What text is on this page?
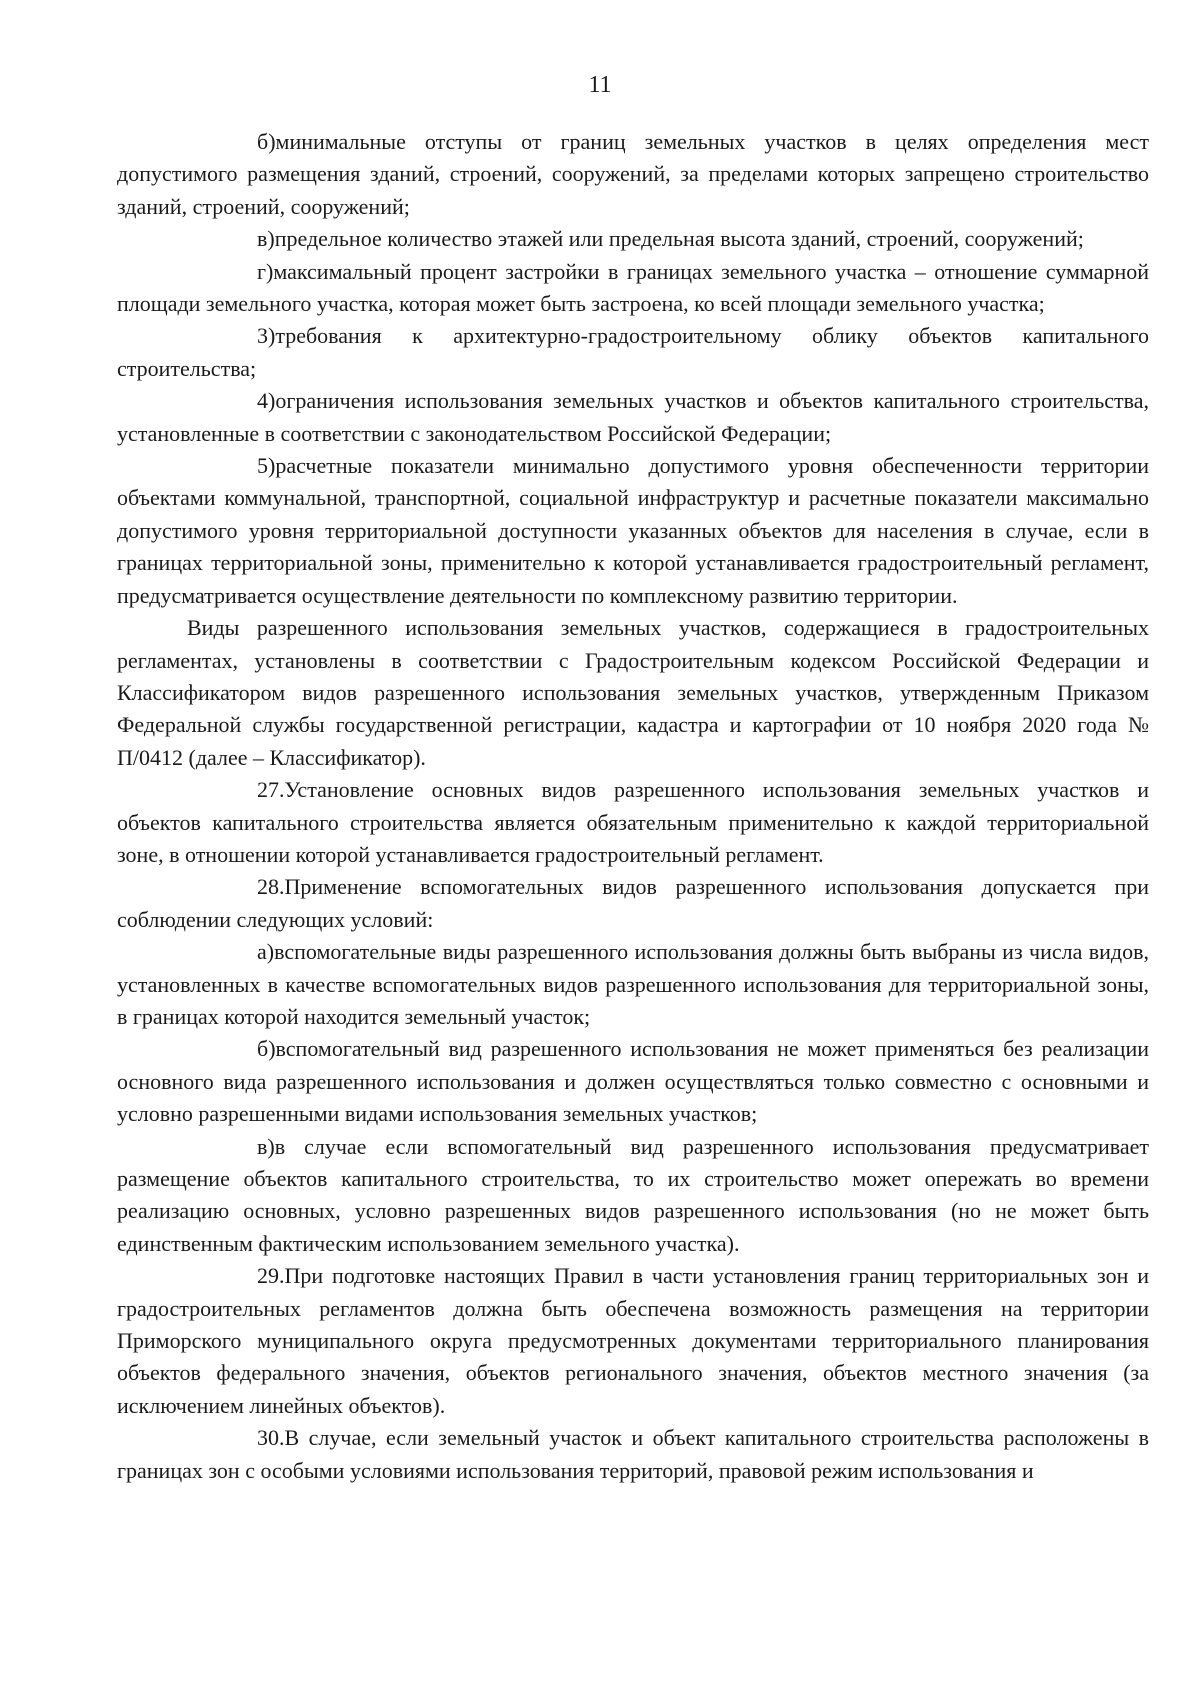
11

б)минимальные отступы от границ земельных участков в целях определения мест допустимого размещения зданий, строений, сооружений, за пределами которых запрещено строительство зданий, строений, сооружений;

в)предельное количество этажей или предельная высота зданий, строений, сооружений;

г)максимальный процент застройки в границах земельного участка – отношение суммарной площади земельного участка, которая может быть застроена, ко всей площади земельного участка;

3)требования к архитектурно-градостроительному облику объектов капитального строительства;

4)ограничения использования земельных участков и объектов капитального строительства, установленные в соответствии с законодательством Российской Федерации;

5)расчетные показатели минимально допустимого уровня обеспеченности территории объектами коммунальной, транспортной, социальной инфраструктур и расчетные показатели максимально допустимого уровня территориальной доступности указанных объектов для населения в случае, если в границах территориальной зоны, применительно к которой устанавливается градостроительный регламент, предусматривается осуществление деятельности по комплексному развитию территории.

Виды разрешенного использования земельных участков, содержащиеся в градостроительных регламентах, установлены в соответствии с Градостроительным кодексом Российской Федерации и Классификатором видов разрешенного использования земельных участков, утвержденным Приказом Федеральной службы государственной регистрации, кадастра и картографии от 10 ноября 2020 года № П/0412 (далее – Классификатор).

27.Установление основных видов разрешенного использования земельных участков и объектов капитального строительства является обязательным применительно к каждой территориальной зоне, в отношении которой устанавливается градостроительный регламент.

28.Применение вспомогательных видов разрешенного использования допускается при соблюдении следующих условий:

а)вспомогательные виды разрешенного использования должны быть выбраны из числа видов, установленных в качестве вспомогательных видов разрешенного использования для территориальной зоны, в границах которой находится земельный участок;

б)вспомогательный вид разрешенного использования не может применяться без реализации основного вида разрешенного использования и должен осуществляться только совместно с основными и условно разрешенными видами использования земельных участков;

в)в случае если вспомогательный вид разрешенного использования предусматривает размещение объектов капитального строительства, то их строительство может опережать во времени реализацию основных, условно разрешенных видов разрешенного использования (но не может быть единственным фактическим использованием земельного участка).

29.При подготовке настоящих Правил в части установления границ территориальных зон и градостроительных регламентов должна быть обеспечена возможность размещения на территории Приморского муниципального округа предусмотренных документами территориального планирования объектов федерального значения, объектов регионального значения, объектов местного значения (за исключением линейных объектов).

30.В случае, если земельный участок и объект капитального строительства расположены в границах зон с особыми условиями использования территорий, правовой режим использования и
